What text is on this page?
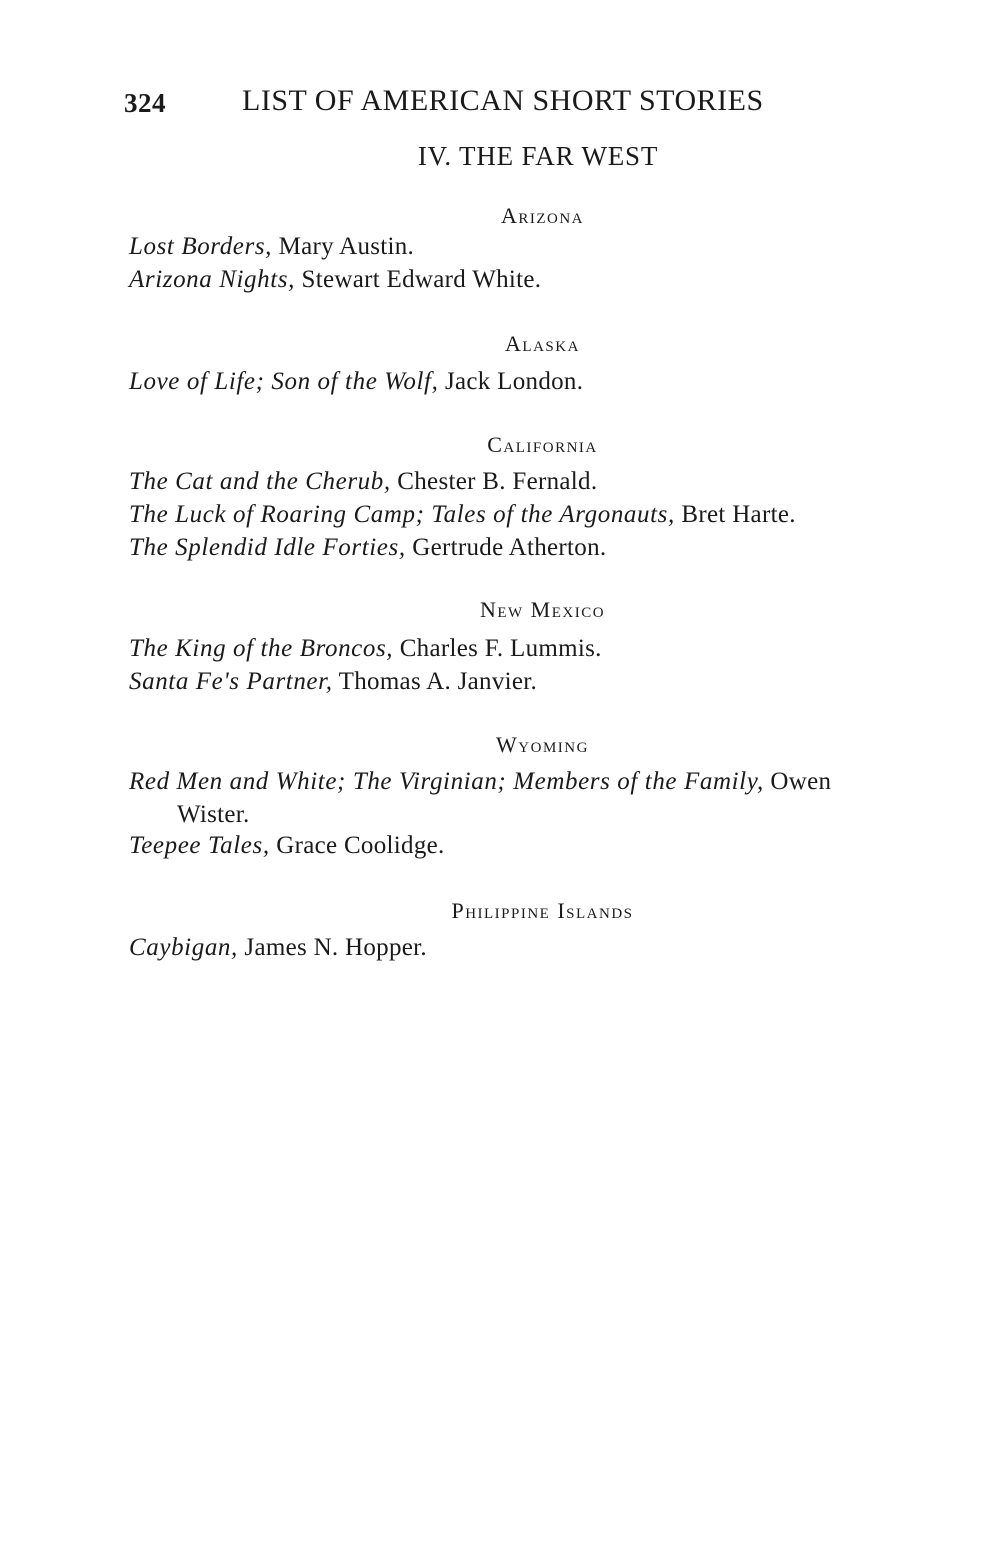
324	LIST OF AMERICAN SHORT STORIES
IV. THE FAR WEST
Arizona
Lost Borders, Mary Austin.
Arizona Nights, Stewart Edward White.
Alaska
Love of Life; Son of the Wolf, Jack London.
California
The Cat and the Cherub, Chester B. Fernald.
The Luck of Roaring Camp; Tales of the Argonauts, Bret Harte.
The Splendid Idle Forties, Gertrude Atherton.
New Mexico
The King of the Broncos, Charles F. Lummis.
Santa Fe's Partner, Thomas A. Janvier.
Wyoming
Red Men and White; The Virginian; Members of the Family, Owen
Wister.
Teepee Tales, Grace Coolidge.
Philippine Islands
Caybigan, James N. Hopper.
